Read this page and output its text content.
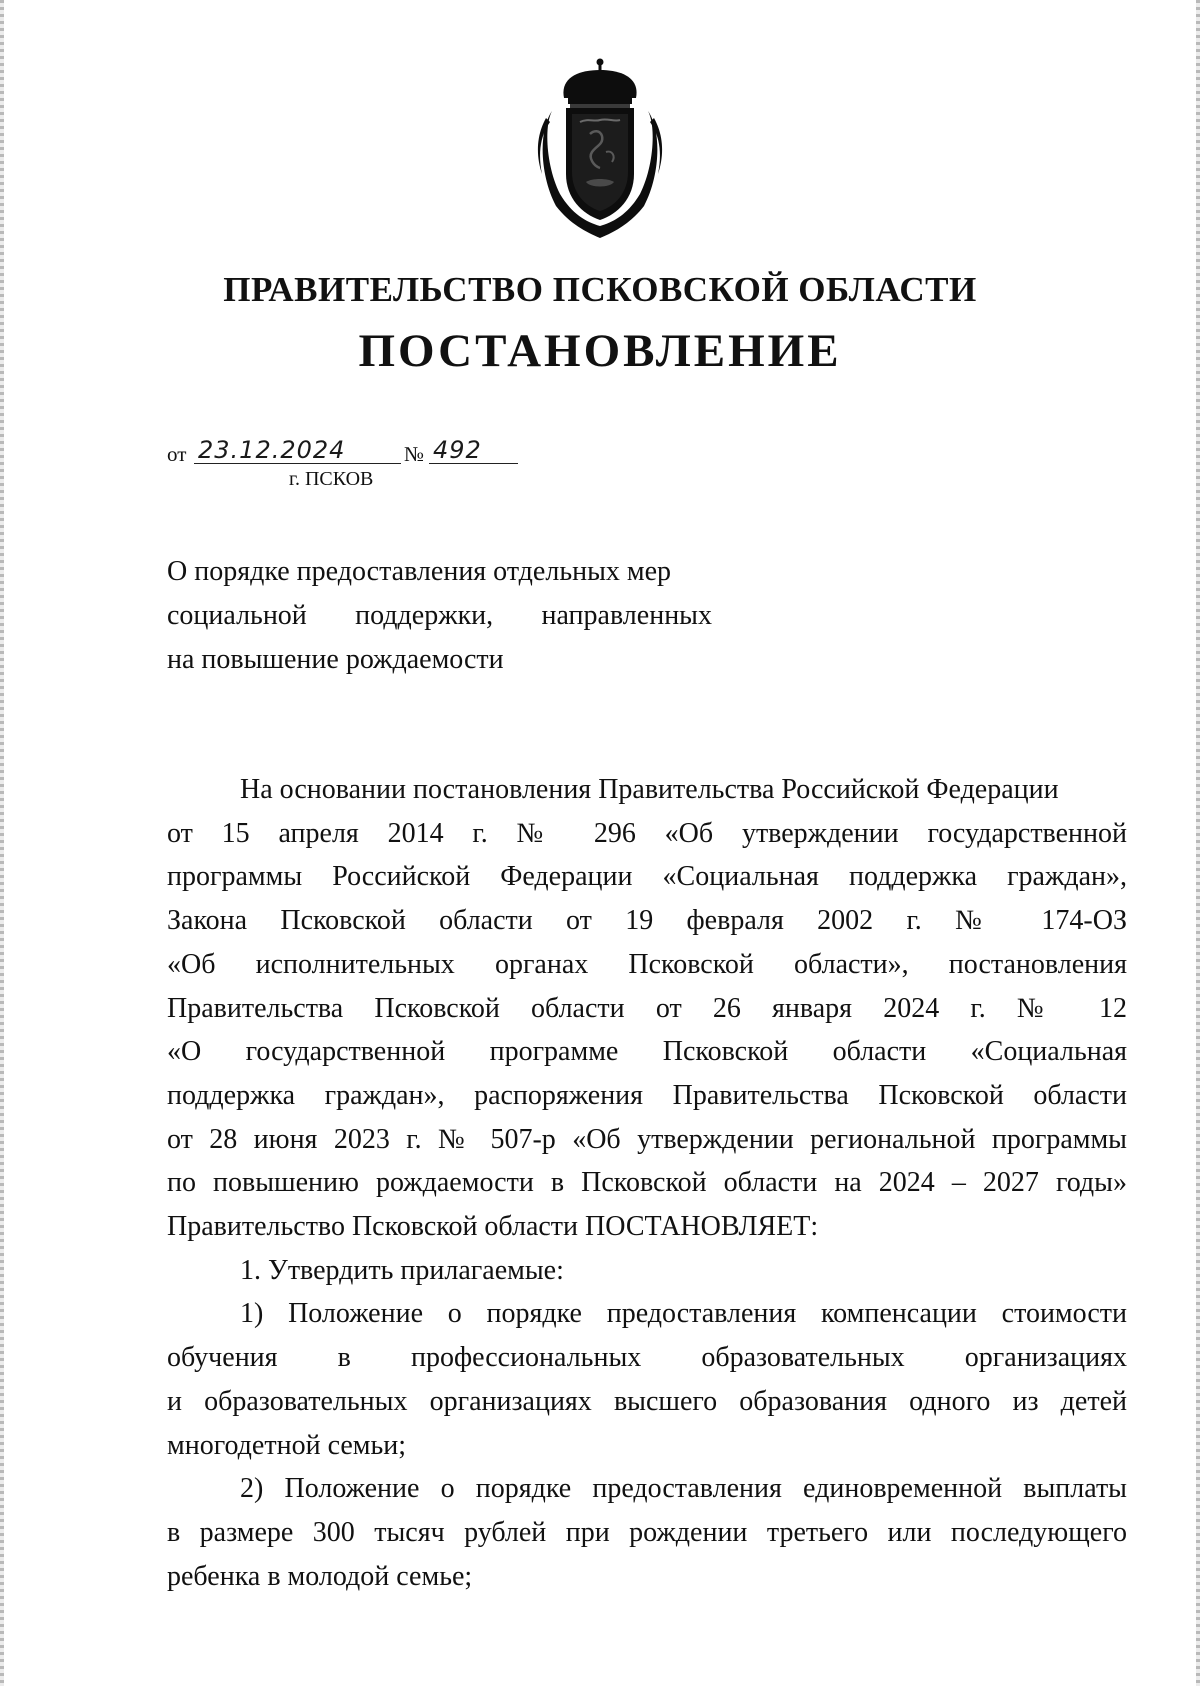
ПРАВИТЕЛЬСТВО ПСКОВСКОЙ ОБЛАСТИ
ПОСТАНОВЛЕНИЕ
от 23.12.2024	№ 492
г. ПСКОВ
О порядке предоставления отдельных мер
социальной поддержки, направленных
на повышение рождаемости
На основании постановления Правительства Российской Федерации
от 15 апреля 2014 г. № 296 «Об утверждении государственной
программы Российской Федерации «Социальная поддержка граждан»,
Закона Псковской области от 19 февраля 2002 г. № 174-ОЗ
«Об исполнительных органах Псковской области», постановления
Правительства Псковской области от 26 января 2024 г. № 12
«О государственной программе Псковской области «Социальная
поддержка граждан», распоряжения Правительства Псковской области
от 28 июня 2023 г. № 507-р «Об утверждении региональной программы
по повышению рождаемости в Псковской области на 2024 – 2027 годы»
Правительство Псковской области ПОСТАНОВЛЯЕТ:
1. Утвердить прилагаемые:
1) Положение о порядке предоставления компенсации стоимости
обучения в профессиональных образовательных организациях
и образовательных организациях высшего образования одного из детей
многодетной семьи;
2) Положение о порядке предоставления единовременной выплаты
в размере 300 тысяч рублей при рождении третьего или последующего
ребенка в молодой семье;
